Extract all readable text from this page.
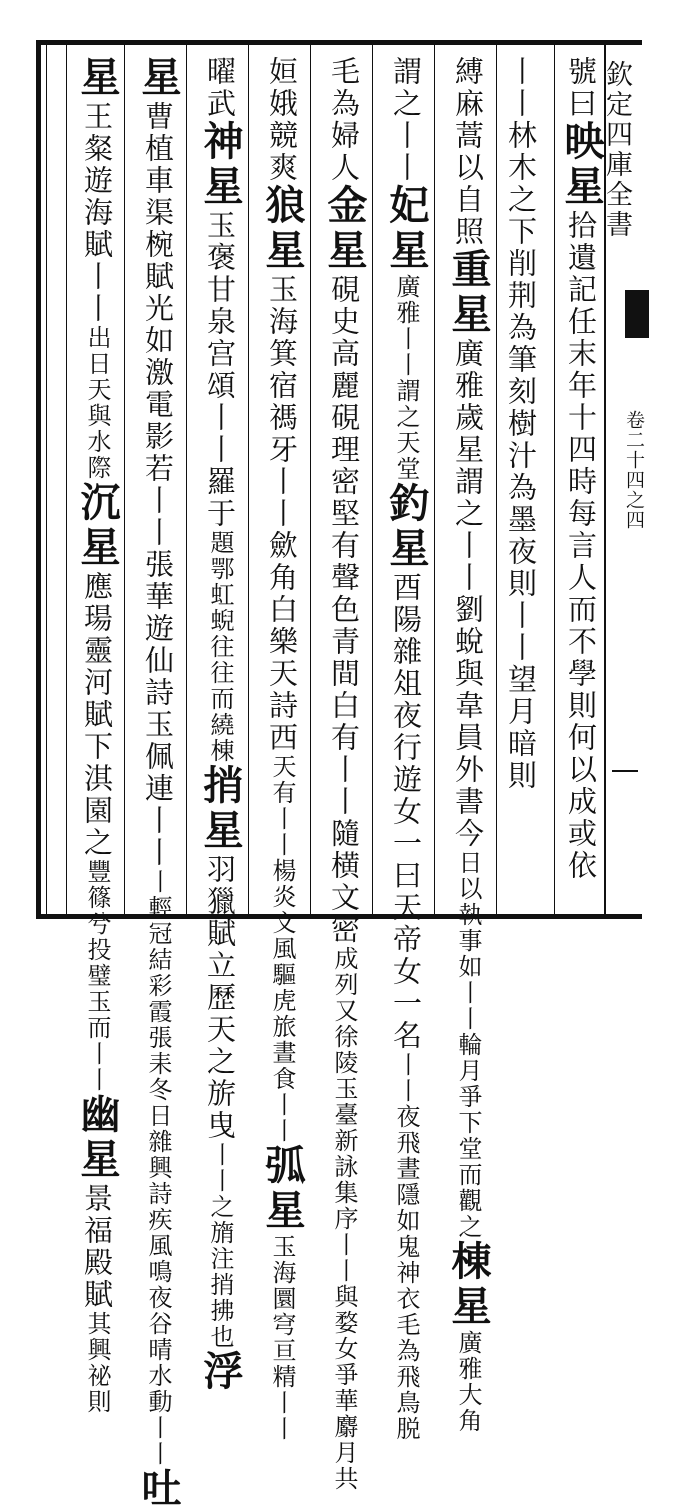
欽定四庫全書
卷二十四之四
號曰映星拾遺記任末年十四時每言人而不學則何以成或依
丨丨林木之下削荆為筆刻樹汁為墨夜則丨丨望月暗則
縛麻蒿以自照重星廣雅歲星謂之丨丨劉蛻與韋員外書今日以執事如丨丨輪月爭下堂而觀之棟星廣雅大角
謂之丨丨妃星廣雅丨丨謂之天堂釣星酉陽雜俎夜行遊女一曰天帝女一名丨丨夜飛晝隱如鬼神衣毛為飛鳥脱
毛為婦人金星硯史高麗硯理密堅有聲色青間白有丨丨隨横文密成列又徐陵玉臺新詠集序丨丨與婺女爭華麝月共
姮娥競爽狼星玉海箕宿禡牙丨丨歛角白樂天詩西天有丨丨楊炎文風驅虎旅晝食丨丨弧星玉海圜穹亘精丨丨
曜武神星玉褒甘泉宫頌丨丨羅于題鄂虹蜺往往而繞棟捎星羽獵賦立歷天之旂曳丨丨之旓注捎拂也浮
星曹植車渠椀賦光如激電影若丨丨張華遊仙詩玉佩連丨丨丨輕冠結彩霞張耒冬日雜興詩疾風鳴夜谷晴水動丨丨吐
星王粲遊海賦丨丨出日天與水際沉星應瑒靈河賦下淇園之豐篠兮投璧玉而丨丨幽星景福殿賦其興祕則
